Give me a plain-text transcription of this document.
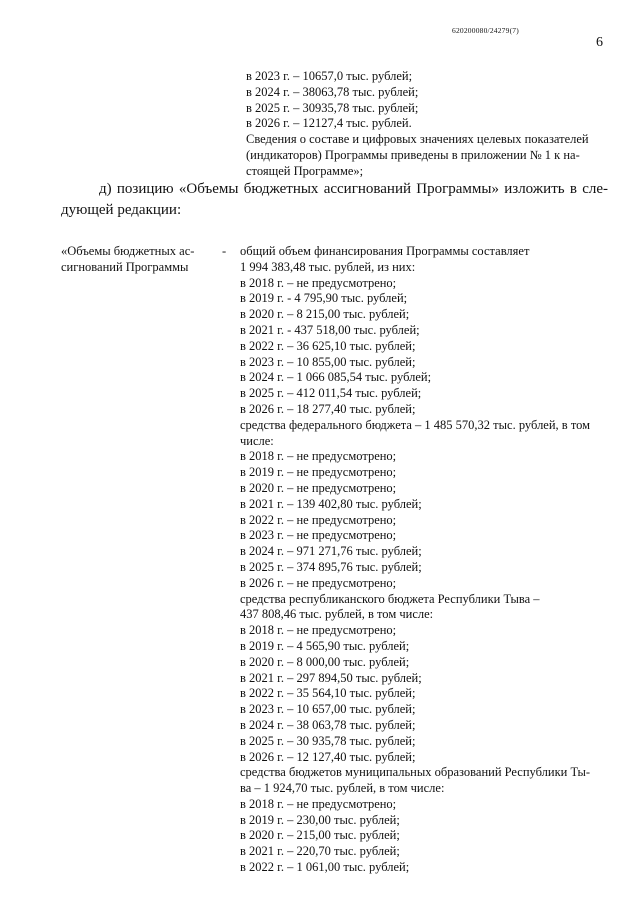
620200080/24279(7)
6
в 2023 г. – 10657,0 тыс. рублей;
в 2024 г. – 38063,78 тыс. рублей;
в 2025 г. – 30935,78 тыс. рублей;
в 2026 г. – 12127,4 тыс. рублей.
Сведения о составе и цифровых значениях целевых показателей
(индикаторов) Программы приведены в приложении № 1 к на-
стоящей Программе»;
д) позицию «Объемы бюджетных ассигнований Программы» изложить в сле-дующей редакции:
«Объемы бюджетных ас-
сигнований Программы
- общий объем финансирования Программы составляет
1 994 383,48 тыс. рублей, из них:
в 2018 г. – не предусмотрено;
в 2019 г. - 4 795,90 тыс. рублей;
в 2020 г. – 8 215,00 тыс. рублей;
в 2021 г. - 437 518,00 тыс. рублей;
в 2022 г. – 36 625,10 тыс. рублей;
в 2023 г. – 10 855,00 тыс. рублей;
в 2024 г. – 1 066 085,54 тыс. рублей;
в 2025 г. – 412 011,54 тыс. рублей;
в 2026 г. – 18 277,40 тыс. рублей;
средства федерального бюджета – 1 485 570,32 тыс. рублей, в том
числе:
в 2018 г. – не предусмотрено;
в 2019 г. – не предусмотрено;
в 2020 г. – не предусмотрено;
в 2021 г. – 139 402,80 тыс. рублей;
в 2022 г. – не предусмотрено;
в 2023 г. – не предусмотрено;
в 2024 г. – 971 271,76 тыс. рублей;
в 2025 г. – 374 895,76 тыс. рублей;
в 2026 г. – не предусмотрено;
средства республиканского бюджета Республики Тыва –
437 808,46 тыс. рублей, в том числе:
в 2018 г. – не предусмотрено;
в 2019 г. – 4 565,90 тыс. рублей;
в 2020 г. – 8 000,00 тыс. рублей;
в 2021 г. – 297 894,50 тыс. рублей;
в 2022 г. – 35 564,10 тыс. рублей;
в 2023 г. – 10 657,00 тыс. рублей;
в 2024 г. – 38 063,78 тыс. рублей;
в 2025 г. – 30 935,78 тыс. рублей;
в 2026 г. – 12 127,40 тыс. рублей;
средства бюджетов муниципальных образований Республики Ты-
ва – 1 924,70 тыс. рублей, в том числе:
в 2018 г. – не предусмотрено;
в 2019 г. – 230,00 тыс. рублей;
в 2020 г. – 215,00 тыс. рублей;
в 2021 г. – 220,70 тыс. рублей;
в 2022 г. – 1 061,00 тыс. рублей;
